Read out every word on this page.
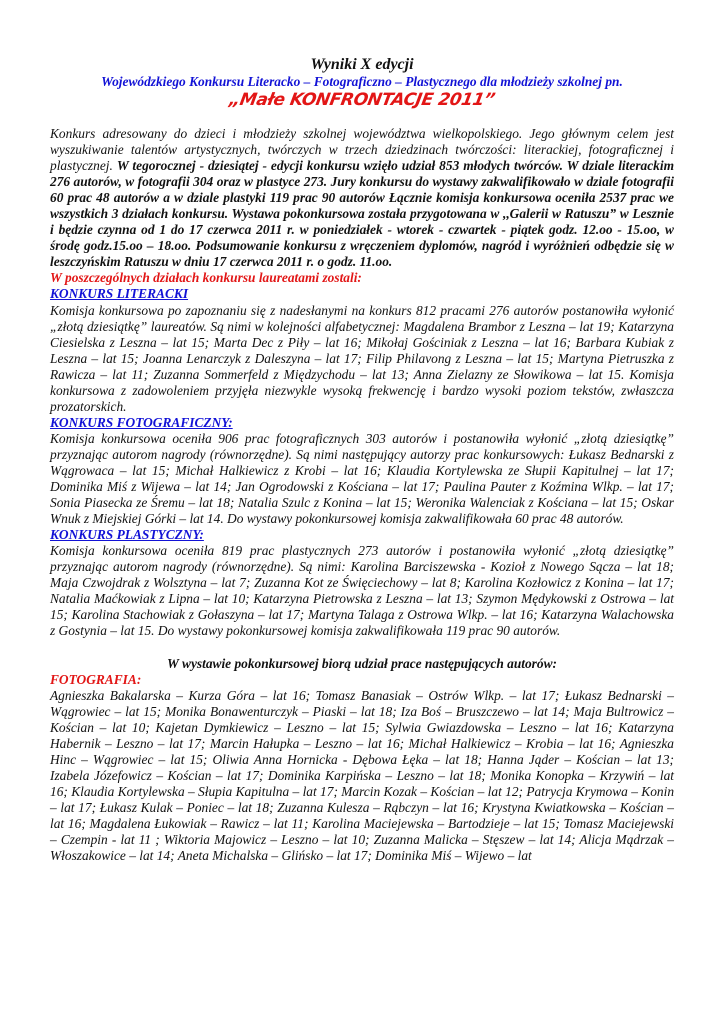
Wyniki X edycji
Wojewódzkiego Konkursu Literacko – Fotograficzno – Plastycznego dla młodzieży szkolnej pn.
„Małe KONFRONTACJE 2011”

Konkurs adresowany do dzieci i młodzieży szkolnej województwa wielkopolskiego. Jego głównym celem jest wyszukiwanie talentów artystycznych, twórczych w trzech dziedzinach twórczości: literackiej, fotograficznej i plastycznej. W tegorocznej - dziesiątej - edycji konkursu wzięło udział 853 młodych twórców. W dziale literackim 276 autorów, w fotografii 304 oraz w plastyce 273. Jury konkursu do wystawy zakwalifikowało w dziale fotografii 60 prac 48 autorów a w dziale plastyki 119 prac 90 autorów Łącznie komisja konkursowa oceniła 2537 prac we wszystkich 3 działach konkursu. Wystawa pokonkursowa została przygotowana w ,,Galerii w Ratuszu” w Lesznie i będzie czynna od 1 do 17 czerwca 2011 r. w poniedziałek - wtorek - czwartek - piątek godz. 12.oo - 15.oo, w środę godz.15.oo – 18.oo. Podsumowanie konkursu z wręczeniem dyplomów, nagród i wyróżnień odbędzie się w leszczyńskim Ratuszu w dniu 17 czerwca 2011 r. o godz. 11.oo.

W poszczególnych działach konkursu laureatami zostali:
KONKURS LITERACKI

Komisja konkursowa po zapoznaniu się z nadesłanymi na konkurs 812 pracami 276 autorów postanowiła wyłonić „złotą dziesiątkę” laureatów. Są nimi w kolejności alfabetycznej: Magdalena Brambor z Leszna – lat 19; Katarzyna Ciesielska z Leszna – lat 15; Marta Dec z Piły – lat 16; Mikołaj Gościniak z Leszna – lat 16; Barbara Kubiak z Leszna – lat 15; Joanna Lenarczyk z Daleszyna – lat 17; Filip Philavong z Leszna – lat 15; Martyna Pietruszka z Rawicza – lat 11; Zuzanna Sommerfeld z Międzychodu – lat 13; Anna Zielazny ze Słowikowa – lat 15. Komisja konkursowa z zadowoleniem przyjęła niezwykle wysoką frekwencję i bardzo wysoki poziom tekstów, zwłaszcza prozatorskich.

KONKURS FOTOGRAFICZNY:

Komisja konkursowa oceniła 906 prac fotograficznych 303 autorów i postanowiła wyłonić „złotą dziesiątkę” przyznając autorom nagrody (równorzędne). Są nimi następujący autorzy prac konkursowych: Łukasz Bednarski z Wągrowaca – lat 15; Michał Halkiewicz z Krobi – lat 16; Klaudia Kortylewska ze Słupii Kapitulnej – lat 17; Dominika Miś z Wijewa – lat 14; Jan Ogrodowski z Kościana – lat 17; Paulina Pauter z Koźmina Wlkp. – lat 17; Sonia Piasecka ze Śremu – lat 18; Natalia Szulc z Konina – lat 15; Weronika Walenciak z Kościana – lat 15; Oskar Wnuk z Miejskiej Górki – lat 14. Do wystawy pokonkursowej komisja zakwalifikowała 60 prac 48 autorów.

KONKURS PLASTYCZNY:

Komisja konkursowa oceniła 819 prac plastycznych 273 autorów i postanowiła wyłonić „złotą dziesiątkę” przyznając autorom nagrody (równorzędne). Są nimi: Karolina Barciszewska - Kozioł z Nowego Sącza – lat 18; Maja Czwojdrak z Wolsztyna – lat 7; Zuzanna Kot ze Święciechowy – lat 8; Karolina Kozłowicz z Konina – lat 17; Natalia Maćkowiak z Lipna – lat 10; Katarzyna Pietrowska z Leszna – lat 13; Szymon Mędykowski z Ostrowa – lat 15; Karolina Stachowiak z Gołaszyna – lat 17; Martyna Talaga z Ostrowa Wlkp. – lat 16; Katarzyna Walachowska z Gostynia – lat 15. Do wystawy pokonkursowej komisja zakwalifikowała 119 prac 90 autorów.

W wystawie pokonkursowej biorą udział prace następujących autorów:
FOTOGRAFIA:

Agnieszka Bakalarska – Kurza Góra – lat 16; Tomasz Banasiak – Ostrów Wlkp. – lat 17; Łukasz Bednarski – Wągrowiec – lat 15; Monika Bonawenturczyk – Piaski – lat 18; Iza Boś – Bruszczewo – lat 14; Maja Bultrowicz – Kościan – lat 10; Kajetan Dymkiewicz – Leszno – lat 15; Sylwia Gwiazdowska – Leszno – lat 16; Katarzyna Habernik – Leszno – lat 17; Marcin Hałupka – Leszno – lat 16; Michał Halkiewicz – Krobia – lat 16; Agnieszka Hinc – Wągrowiec – lat 15; Oliwia Anna Hornicka - Dębowa Łęka – lat 18; Hanna Jąder – Kościan – lat 13; Izabela Józefowicz – Kościan – lat 17; Dominika Karpińska – Leszno – lat 18; Monika Konopka – Krzywiń – lat 16; Klaudia Kortylewska – Słupia Kapitulna – lat 17; Marcin Kozak – Kościan – lat 12; Patrycja Krymowa – Konin – lat 17; Łukasz Kulak – Poniec – lat 18; Zuzanna Kulesza – Rąbczyn – lat 16; Krystyna Kwiatkowska – Kościan – lat 16; Magdalena Łukowiak – Rawicz – lat 11; Karolina Maciejewska – Bartodzieje – lat 15; Tomasz Maciejewski – Czempin - lat 11 ; Wiktoria Majowicz – Leszno – lat 10; Zuzanna Malicka – Stęszew – lat 14; Alicja Mądrzak – Włoszakowice – lat 14; Aneta Michalska – Glińsko – lat 17; Dominika Miś – Wijewo – lat
